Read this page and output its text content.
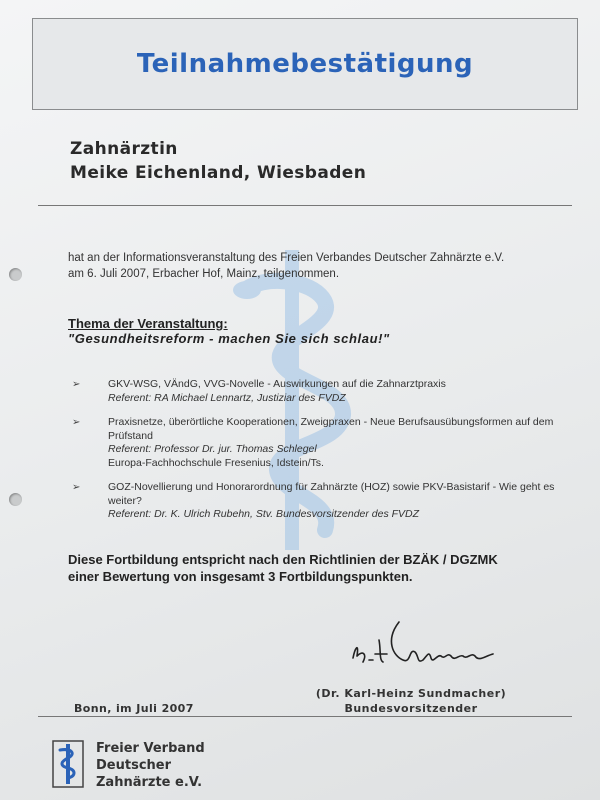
Teilnahmebestätigung
Zahnärztin
Meike Eichenland, Wiesbaden
hat an der Informationsveranstaltung des Freien Verbandes Deutscher Zahnärzte e.V.
am 6. Juli 2007, Erbacher Hof, Mainz, teilgenommen.
Thema der Veranstaltung:
"Gesundheitsreform - machen Sie sich schlau!"
➢	GKV-WSG, VÄndG, VVG-Novelle - Auswirkungen auf die Zahnarztpraxis
Referent: RA Michael Lennartz, Justiziar des FVDZ
➢	Praxisnetze, überörtliche Kooperationen, Zweigpraxen - Neue Berufsausübungsformen auf dem Prüfstand
Referent: Professor Dr. jur. Thomas Schlegel
Europa-Fachhochschule Fresenius, Idstein/Ts.
➢	GOZ-Novellierung und Honorarordnung für Zahnärzte (HOZ) sowie PKV-Basistarif - Wie geht es weiter?
Referent: Dr. K. Ulrich Rubehn, Stv. Bundesvorsitzender des FVDZ
Diese Fortbildung entspricht nach den Richtlinien der BZÄK / DGZMK
einer Bewertung von insgesamt 3 Fortbildungspunkten.
(Dr. Karl-Heinz Sundmacher)
Bundesvorsitzender
Bonn, im Juli 2007
Freier Verband
Deutscher
Zahnärzte e.V.
